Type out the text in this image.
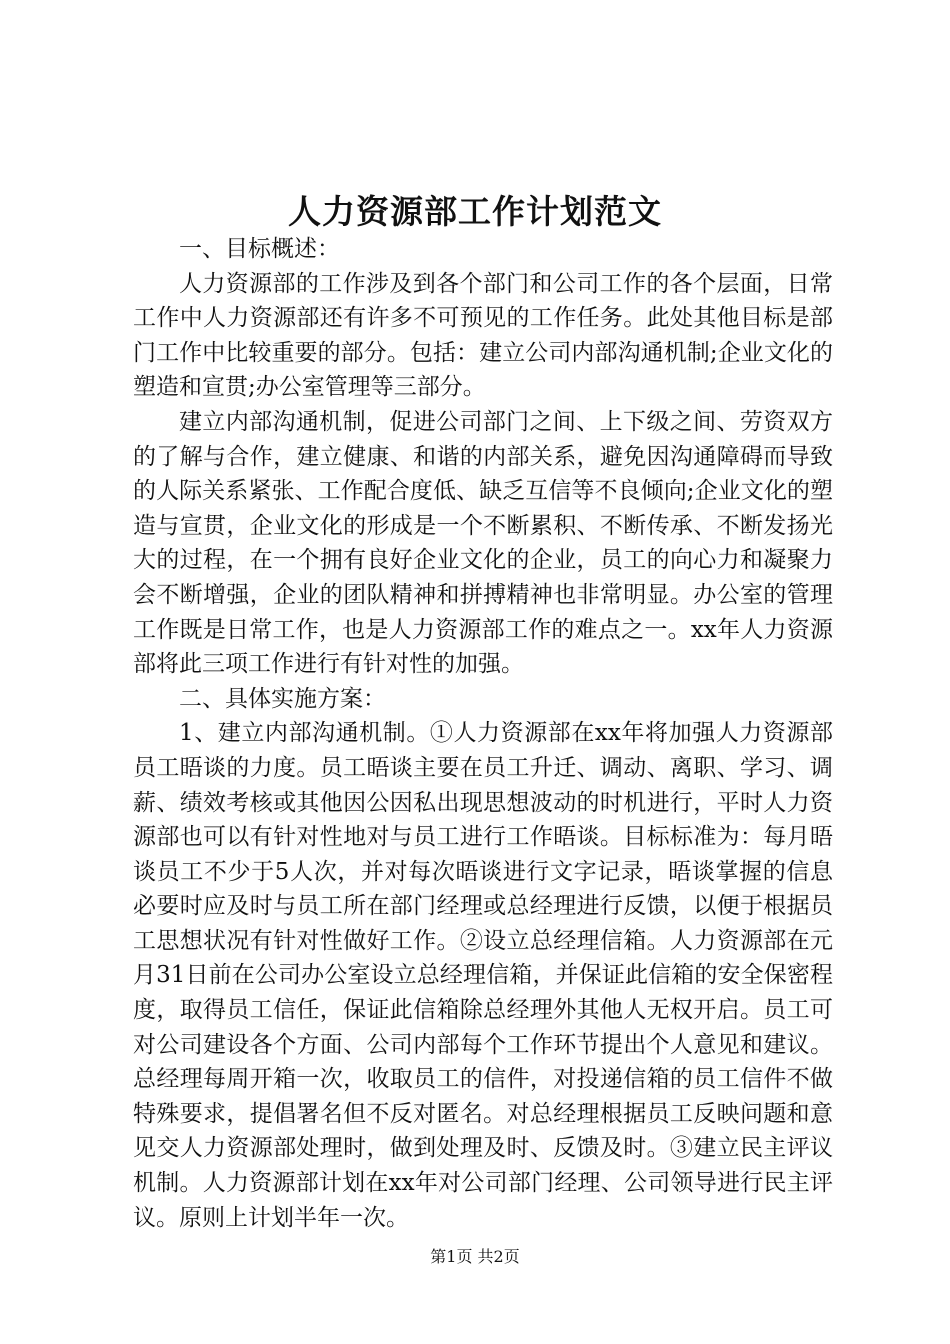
人力资源部工作计划范文

一、目标概述：

人力资源部的工作涉及到各个部门和公司工作的各个层面，日常工作中人力资源部还有许多不可预见的工作任务。此处其他目标是部门工作中比较重要的部分。包括：建立公司内部沟通机制;企业文化的塑造和宣贯;办公室管理等三部分。

建立内部沟通机制，促进公司部门之间、上下级之间、劳资双方的了解与合作，建立健康、和谐的内部关系，避免因沟通障碍而导致的人际关系紧张、工作配合度低、缺乏互信等不良倾向;企业文化的塑造与宣贯，企业文化的形成是一个不断累积、不断传承、不断发扬光大的过程，在一个拥有良好企业文化的企业，员工的向心力和凝聚力会不断增强，企业的团队精神和拼搏精神也非常明显。办公室的管理工作既是日常工作，也是人力资源部工作的难点之一。xx年人力资源部将此三项工作进行有针对性的加强。

二、具体实施方案：

1、建立内部沟通机制。①人力资源部在xx年将加强人力资源部员工晤谈的力度。员工晤谈主要在员工升迁、调动、离职、学习、调薪、绩效考核或其他因公因私出现思想波动的时机进行，平时人力资源部也可以有针对性地对与员工进行工作晤谈。目标标准为：每月晤谈员工不少于5人次，并对每次晤谈进行文字记录，晤谈掌握的信息必要时应及时与员工所在部门经理或总经理进行反馈，以便于根据员工思想状况有针对性做好工作。②设立总经理信箱。人力资源部在元月31日前在公司办公室设立总经理信箱，并保证此信箱的安全保密程度，取得员工信任，保证此信箱除总经理外其他人无权开启。员工可对公司建设各个方面、公司内部每个工作环节提出个人意见和建议。总经理每周开箱一次，收取员工的信件，对投递信箱的员工信件不做特殊要求，提倡署名但不反对匿名。对总经理根据员工反映问题和意见交人力资源部处理时，做到处理及时、反馈及时。③建立民主评议机制。人力资源部计划在xx年对公司部门经理、公司领导进行民主评议。原则上计划半年一次。

第1页 共2页
